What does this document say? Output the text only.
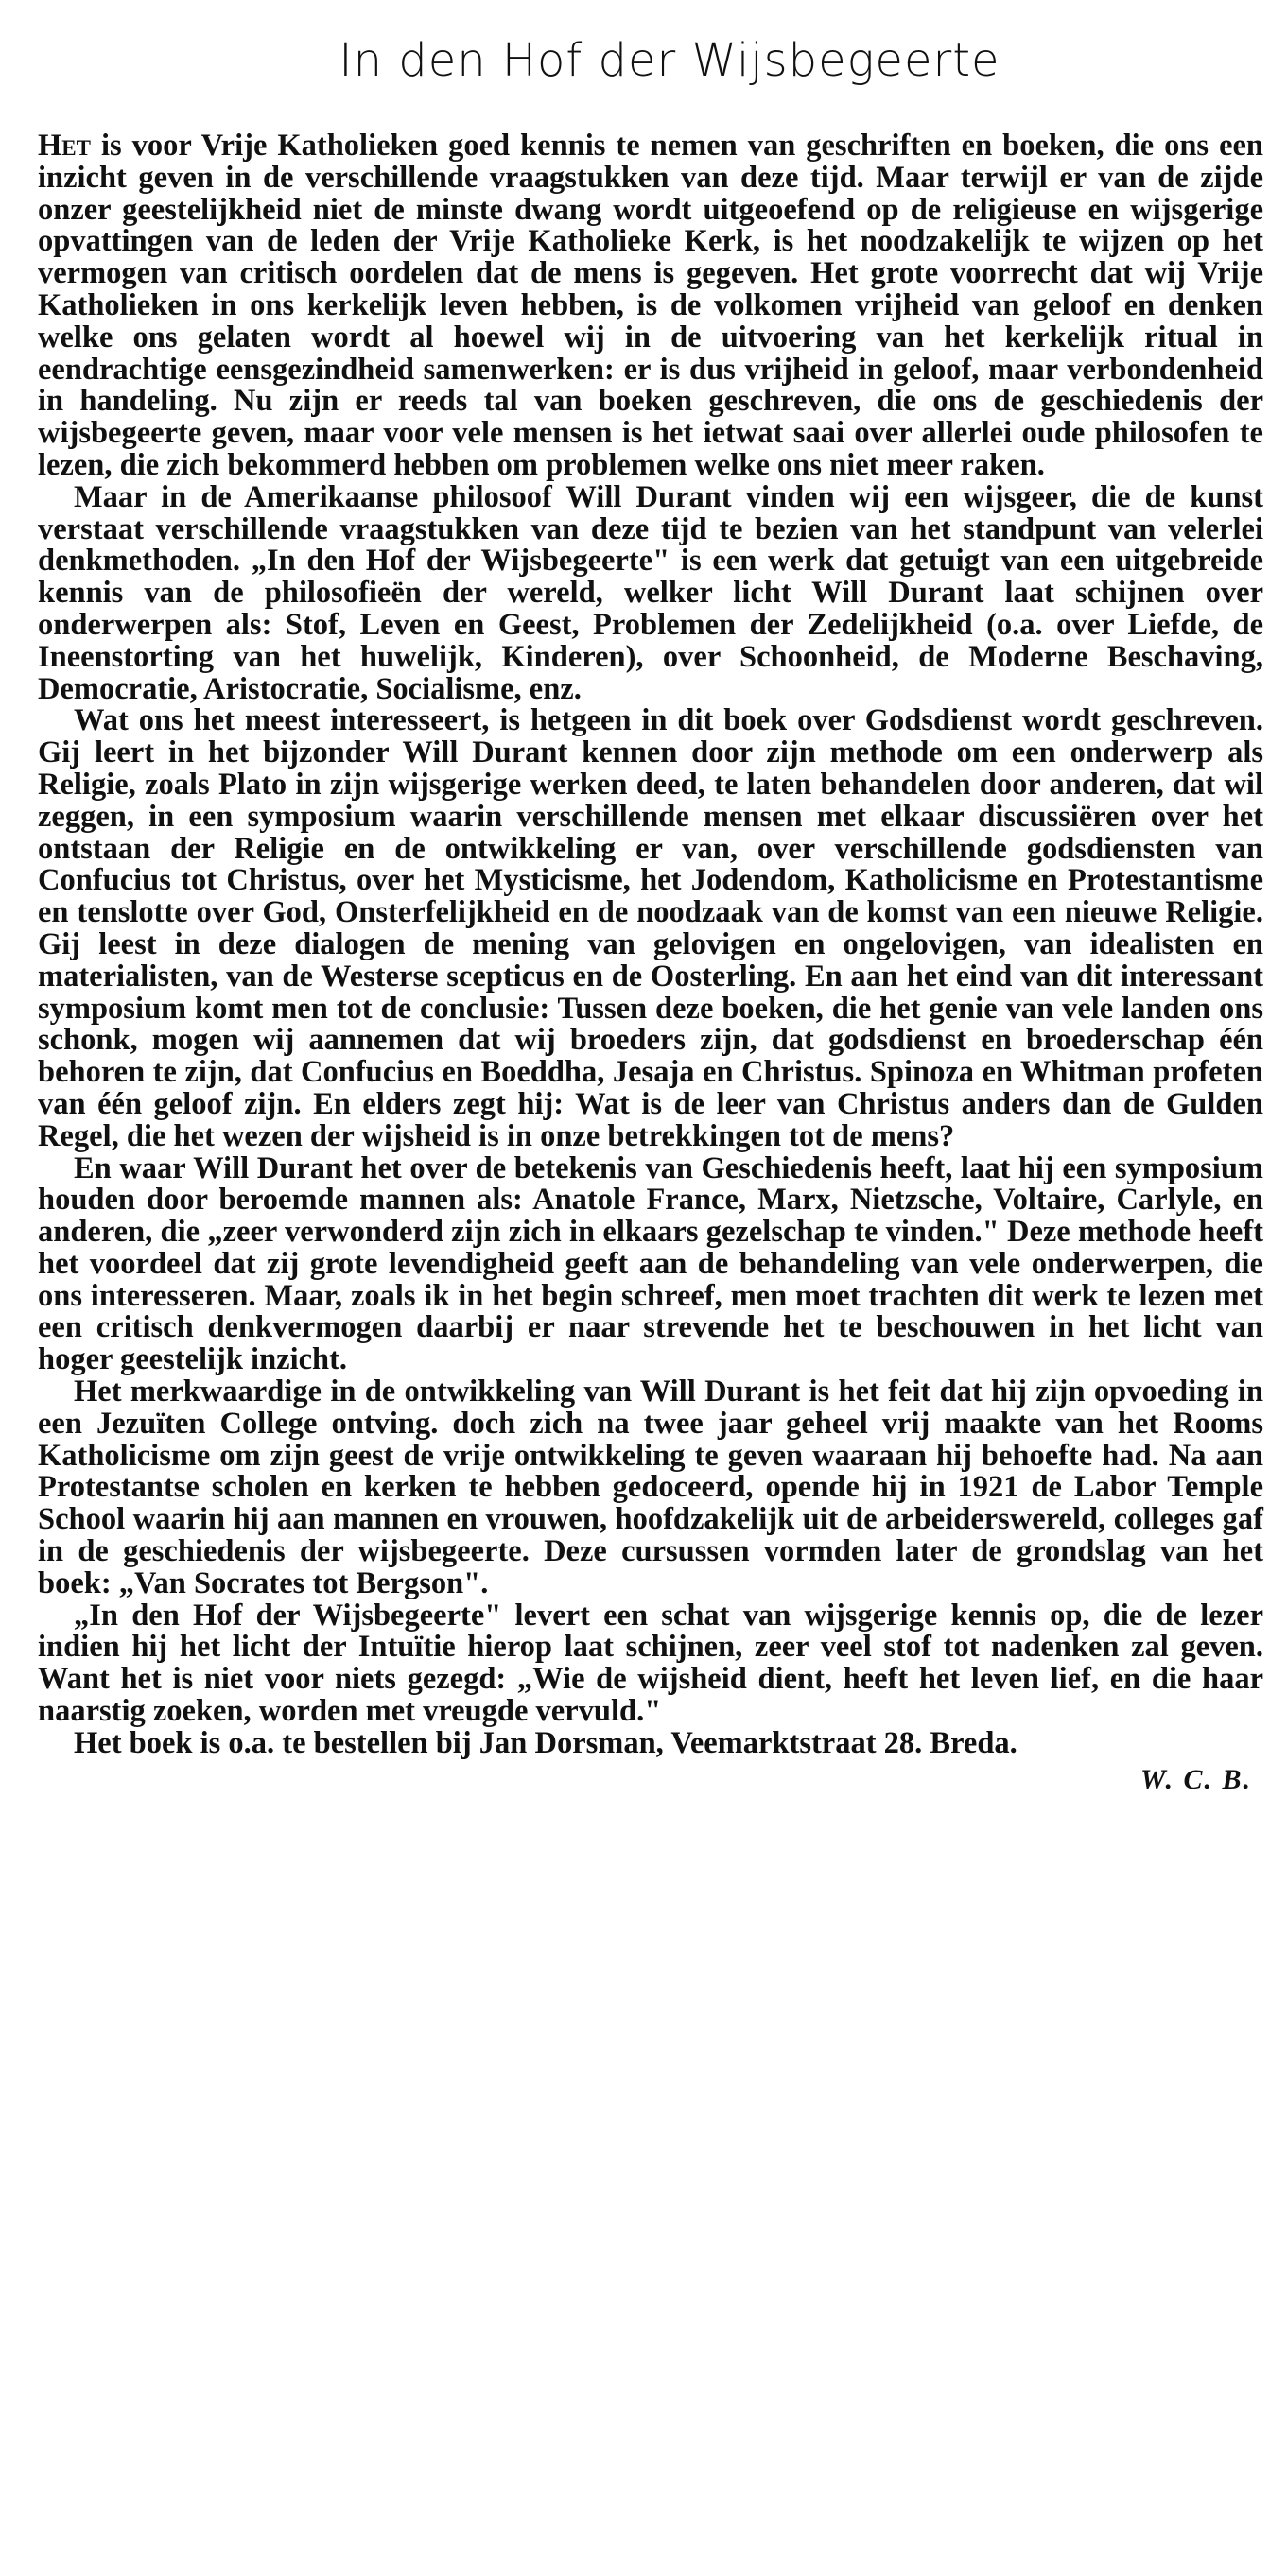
In den Hof der Wijsbegeerte

Het is voor Vrije Katholieken goed kennis te nemen van geschriften en boeken, die ons een inzicht geven in de verschillende vraagstukken van deze tijd. Maar terwijl er van de zijde onzer geestelijkheid niet de minste dwang wordt uitgeoefend op de religieuse en wijsgerige opvattingen van de leden der Vrije Katholieke Kerk, is het noodzakelijk te wijzen op het vermogen van critisch oordelen dat de mens is gegeven. Het grote voorrecht dat wij Vrije Katholieken in ons kerkelijk leven hebben, is de volkomen vrijheid van geloof en denken welke ons gelaten wordt al hoewel wij in de uitvoering van het kerkelijk ritual in eendrachtige eensgezindheid samenwerken: er is dus vrijheid in geloof, maar verbondenheid in handeling. Nu zijn er reeds tal van boeken geschreven, die ons de geschiedenis der wijsbegeerte geven, maar voor vele mensen is het ietwat saai over allerlei oude philosofen te lezen, die zich bekommerd hebben om problemen welke ons niet meer raken.

Maar in de Amerikaanse philosoof Will Durant vinden wij een wijsgeer, die de kunst verstaat verschillende vraagstukken van deze tijd te bezien van het standpunt van velerlei denkmethoden. „In den Hof der Wijsbegeerte" is een werk dat getuigt van een uitgebreide kennis van de philosofieën der wereld, welker licht Will Durant laat schijnen over onderwerpen als: Stof, Leven en Geest, Problemen der Zedelijkheid (o.a. over Liefde, de Ineenstorting van het huwelijk, Kinderen), over Schoonheid, de Moderne Beschaving, Democratie, Aristocratie, Socialisme, enz.

Wat ons het meest interesseert, is hetgeen in dit boek over Godsdienst wordt geschreven. Gij leert in het bijzonder Will Durant kennen door zijn methode om een onderwerp als Religie, zoals Plato in zijn wijsgerige werken deed, te laten behandelen door anderen, dat wil zeggen, in een symposium waarin verschillende mensen met elkaar discussiëren over het ontstaan der Religie en de ontwikkeling er van, over verschillende godsdiensten van Confucius tot Christus, over het Mysticisme, het Jodendom, Katholicisme en Protestantisme en tenslotte over God, Onsterfelijkheid en de noodzaak van de komst van een nieuwe Religie. Gij leest in deze dialogen de mening van gelovigen en ongelovigen, van idealisten en materialisten, van de Westerse scepticus en de Oosterling. En aan het eind van dit interessant symposium komt men tot de conclusie: Tussen deze boeken, die het genie van vele landen ons schonk, mogen wij aannemen dat wij broeders zijn, dat godsdienst en broederschap één behoren te zijn, dat Confucius en Boeddha, Jesaja en Christus. Spinoza en Whitman profeten van één geloof zijn. En elders zegt hij: Wat is de leer van Christus anders dan de Gulden Regel, die het wezen der wijsheid is in onze betrekkingen tot de mens?

En waar Will Durant het over de betekenis van Geschiedenis heeft, laat hij een symposium houden door beroemde mannen als: Anatole France, Marx, Nietzsche, Voltaire, Carlyle, en anderen, die „zeer verwonderd zijn zich in elkaars gezelschap te vinden." Deze methode heeft het voordeel dat zij grote levendigheid geeft aan de behandeling van vele onderwerpen, die ons interesseren. Maar, zoals ik in het begin schreef, men moet trachten dit werk te lezen met een critisch denkvermogen daarbij er naar strevende het te beschouwen in het licht van hoger geestelijk inzicht.

Het merkwaardige in de ontwikkeling van Will Durant is het feit dat hij zijn opvoeding in een Jezuïten College ontving. doch zich na twee jaar geheel vrij maakte van het Rooms Katholicisme om zijn geest de vrije ontwikkeling te geven waaraan hij behoefte had. Na aan Protestantse scholen en kerken te hebben gedoceerd, opende hij in 1921 de Labor Temple School waarin hij aan mannen en vrouwen, hoofdzakelijk uit de arbeiderswereld, colleges gaf in de geschiedenis der wijsbegeerte. Deze cursussen vormden later de grondslag van het boek: „Van Socrates tot Bergson".

„In den Hof der Wijsbegeerte" levert een schat van wijsgerige kennis op, die de lezer indien hij het licht der Intuïtie hierop laat schijnen, zeer veel stof tot nadenken zal geven. Want het is niet voor niets gezegd: „Wie de wijsheid dient, heeft het leven lief, en die haar naarstig zoeken, worden met vreugde vervuld."

Het boek is o.a. te bestellen bij Jan Dorsman, Veemarktstraat 28. Breda.

W. C. B.
